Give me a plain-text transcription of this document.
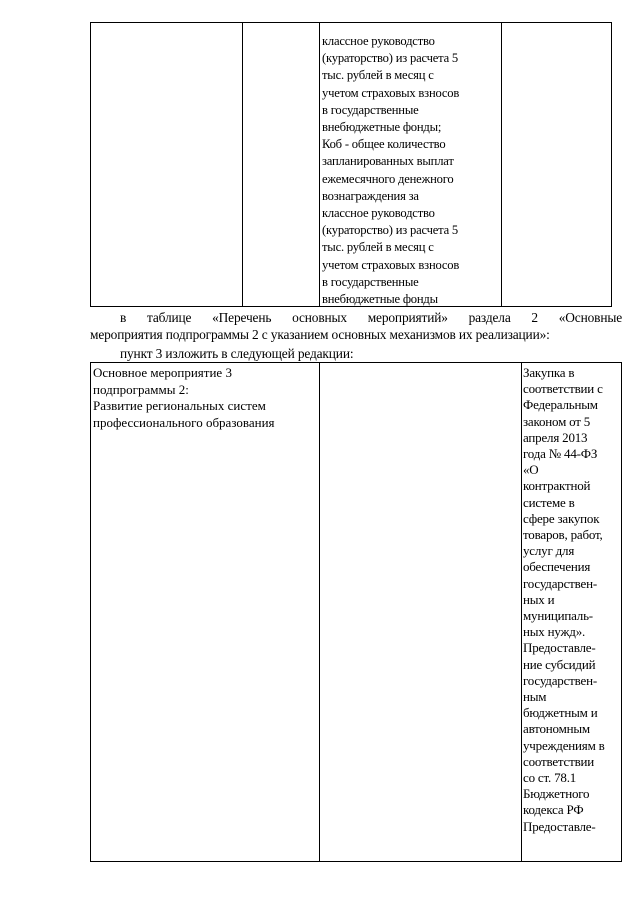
классное руководство
(кураторство) из расчета 5
тыс. рублей в месяц с
учетом страховых взносов
в государственные
внебюджетные фонды;
Коб - общее количество
запланированных выплат
ежемесячного денежного
вознаграждения за
классное руководство
(кураторство) из расчета 5
тыс. рублей в месяц с
учетом страховых взносов
в государственные
внебюджетные фонды
в таблице «Перечень основных мероприятий» раздела 2 «Основные
мероприятия подпрограммы 2 с указанием основных механизмов их реализации»:
пункт 3 изложить в следующей редакции:
Основное мероприятие 3
подпрограммы 2:
Развитие региональных систем
профессионального образования
Закупка в
соответствии с
Федеральным
законом от 5
апреля 2013
года № 44-ФЗ
«О
контрактной
системе в
сфере закупок
товаров, работ,
услуг для
обеспечения
государствен-
ных и
муниципаль-
ных нужд».
Предоставле-
ние субсидий
государствен-
ным
бюджетным и
автономным
учреждениям в
соответствии
со ст. 78.1
Бюджетного
кодекса РФ
Предоставле-
